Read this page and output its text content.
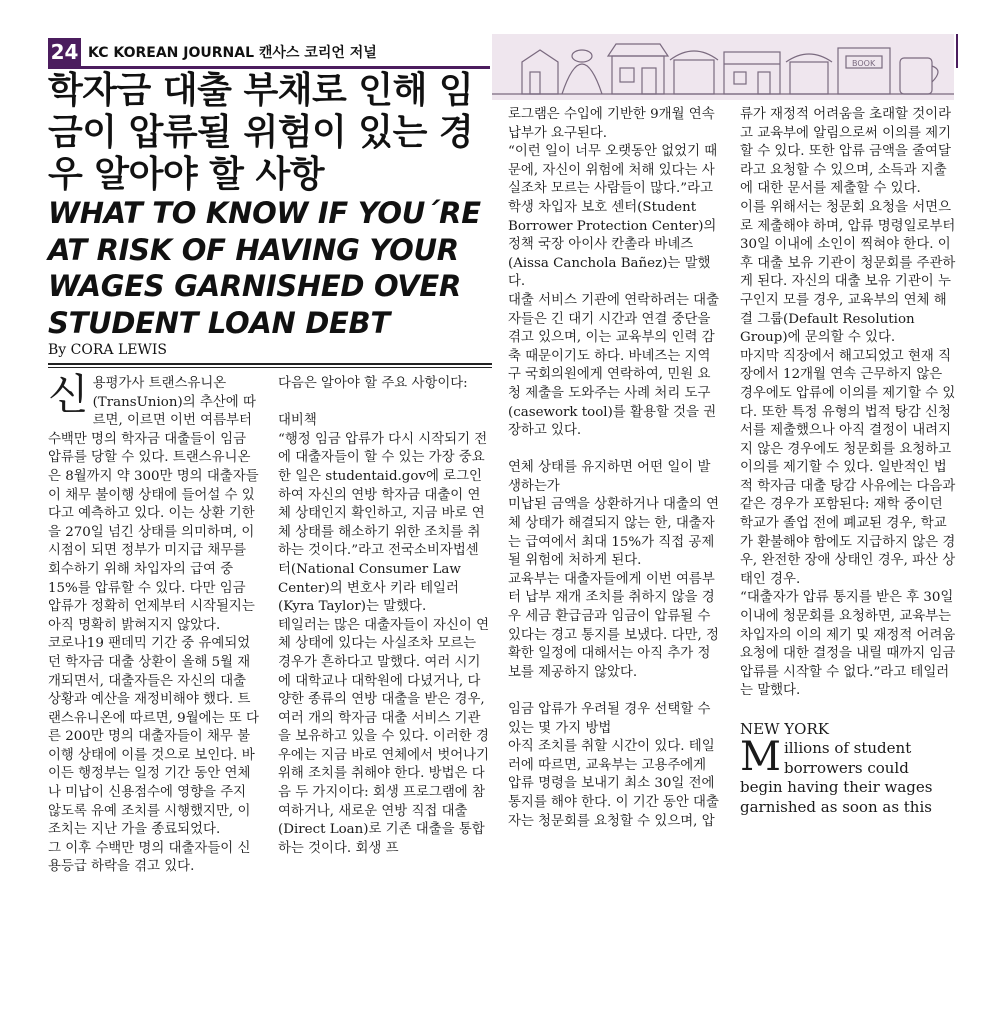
24 KC KOREAN JOURNAL 캔사스 코리언 저널
BOOK
학자금 대출 부채로 인해 임금이 압류될 위험이 있는 경우 알아야 할 사항
WHAT TO KNOW IF YOU´RE AT RISK OF HAVING YOUR WAGES GARNISHED OVER STUDENT LOAN DEBT
By CORA LEWIS

신용평가사 트랜스유니온(TransUnion)의 추산에 따르면, 이르면 이번 여름부터 수백만 명의 학자금 대출들이 임금 압류를 당할 수 있다. 트랜스유니온은 8월까지 약 300만 명의 대출자들이 채무 불이행 상태에 들어설 수 있다고 예측하고 있다. 이는 상환 기한을 270일 넘긴 상태를 의미하며, 이 시점이 되면 정부가 미지급 채무를 회수하기 위해 차입자의 급여 중 15%를 압류할 수 있다. 다만 임금 압류가 정확히 언제부터 시작될지는 아직 명확히 밝혀지지 않았다.

코로나19 팬데믹 기간 중 유예되었던 학자금 대출 상환이 올해 5월 재개되면서, 대출자들은 자신의 대출 상황과 예산을 재정비해야 했다. 트랜스유니온에 따르면, 9월에는 또 다른 200만 명의 대출자들이 채무 불이행 상태에 이를 것으로 보인다. 바이든 행정부는 일정 기간 동안 연체나 미납이 신용점수에 영향을 주지 않도록 유예 조치를 시행했지만, 이 조치는 지난 가을 종료되었다.

그 이후 수백만 명의 대출자들이 신용등급 하락을 겪고 있다.

다음은 알아야 할 주요 사항이다:

대비책

“행정 임금 압류가 다시 시작되기 전에 대출자들이 할 수 있는 가장 중요한 일은 studentaid.gov에 로그인하여 자신의 연방 학자금 대출이 연체 상태인지 확인하고, 지금 바로 연체 상태를 해소하기 위한 조치를 취하는 것이다.”라고 전국소비자법센터(National Consumer Law Center)의 변호사 키라 테일러(Kyra Taylor)는 말했다.

테일러는 많은 대출자들이 자신이 연체 상태에 있다는 사실조차 모르는 경우가 흔하다고 말했다. 여러 시기에 대학교나 대학원에 다녔거나, 다양한 종류의 연방 대출을 받은 경우, 여러 개의 학자금 대출 서비스 기관을 보유하고 있을 수 있다. 이러한 경우에는 지금 바로 연체에서 벗어나기 위해 조치를 취해야 한다. 방법은 다음 두 가지이다: 회생 프로그램에 참여하거나, 새로운 연방 직접 대출(Direct Loan)로 기존 대출을 통합하는 것이다. 회생 프

로그램은 수입에 기반한 9개월 연속 납부가 요구된다.

“이런 일이 너무 오랫동안 없었기 때문에, 자신이 위험에 처해 있다는 사실조차 모르는 사람들이 많다.”라고 학생 차입자 보호 센터(Student Borrower Protection Center)의 정책 국장 아이사 칸촐라 바녜즈(Aissa Canchola Bañez)는 말했다.

대출 서비스 기관에 연락하려는 대출자들은 긴 대기 시간과 연결 중단을 겪고 있으며, 이는 교육부의 인력 감축 때문이기도 하다. 바녜즈는 지역구 국회의원에게 연락하여, 민원 요청 제출을 도와주는 사례 처리 도구(casework tool)를 활용할 것을 권장하고 있다.

연체 상태를 유지하면 어떤 일이 발생하는가

미납된 금액을 상환하거나 대출의 연체 상태가 해결되지 않는 한, 대출자는 급여에서 최대 15%가 직접 공제될 위험에 처하게 된다.

교육부는 대출자들에게 이번 여름부터 납부 재개 조치를 취하지 않을 경우 세금 환급금과 임금이 압류될 수 있다는 경고 통지를 보냈다. 다만, 정확한 일정에 대해서는 아직 추가 정보를 제공하지 않았다.

임금 압류가 우려될 경우 선택할 수 있는 몇 가지 방법

아직 조치를 취할 시간이 있다. 테일러에 따르면, 교육부는 고용주에게 압류 명령을 보내기 최소 30일 전에 통지를 해야 한다. 이 기간 동안 대출자는 청문회를 요청할 수 있으며, 압

류가 재정적 어려움을 초래할 것이라고 교육부에 알림으로써 이의를 제기할 수 있다. 또한 압류 금액을 줄여달라고 요청할 수 있으며, 소득과 지출에 대한 문서를 제출할 수 있다.

이를 위해서는 청문회 요청을 서면으로 제출해야 하며, 압류 명령일로부터 30일 이내에 소인이 찍혀야 한다. 이후 대출 보유 기관이 청문회를 주관하게 된다. 자신의 대출 보유 기관이 누구인지 모를 경우, 교육부의 연체 해결 그룹(Default Resolution Group)에 문의할 수 있다.

마지막 직장에서 해고되었고 현재 직장에서 12개월 연속 근무하지 않은 경우에도 압류에 이의를 제기할 수 있다. 또한 특정 유형의 법적 탕감 신청서를 제출했으나 아직 결정이 내려지지 않은 경우에도 청문회를 요청하고 이의를 제기할 수 있다. 일반적인 법적 학자금 대출 탕감 사유에는 다음과 같은 경우가 포함된다: 재학 중이던 학교가 졸업 전에 폐교된 경우, 학교가 환불해야 함에도 지급하지 않은 경우, 완전한 장애 상태인 경우, 파산 상태인 경우.

“대출자가 압류 통지를 받은 후 30일 이내에 청문회를 요청하면, 교육부는 차입자의 이의 제기 및 재정적 어려움 요청에 대한 결정을 내릴 때까지 임금 압류를 시작할 수 없다.”라고 테일러는 말했다.

NEW YORK

Millions of student borrowers could begin having their wages garnished as soon as this
